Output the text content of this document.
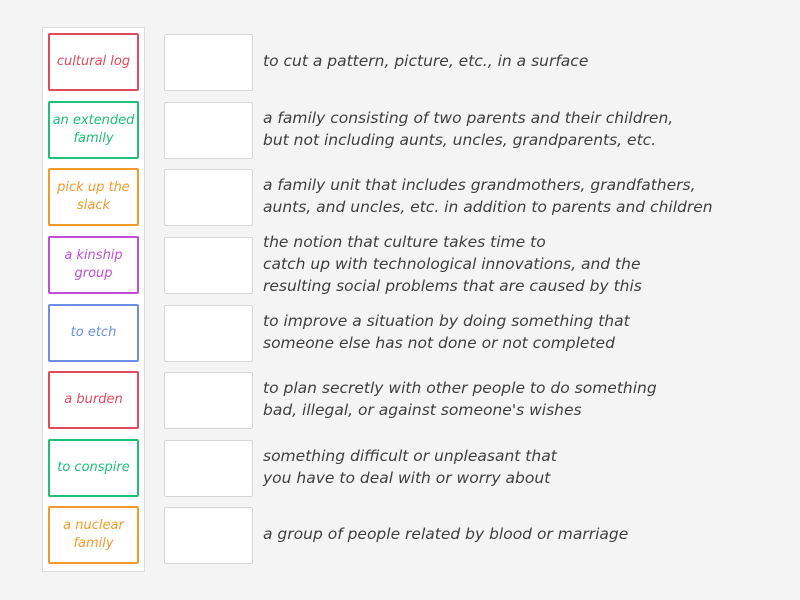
cultural log
an extended family
pick up the slack
a kinship group
to etch
a burden
to conspire
a nuclear family
to cut a pattern, picture, etc., in a surface
a family consisting of two parents and their children,
but not including aunts, uncles, grandparents, etc.
a family unit that includes grandmothers, grandfathers,
aunts, and uncles, etc. in addition to parents and children
the notion that culture takes time to
catch up with technological innovations, and the
resulting social problems that are caused by this
to improve a situation by doing something that
someone else has not done or not completed
to plan secretly with other people to do something
bad, illegal, or against someone's wishes
something difficult or unpleasant that
you have to deal with or worry about
a group of people related by blood or marriage
